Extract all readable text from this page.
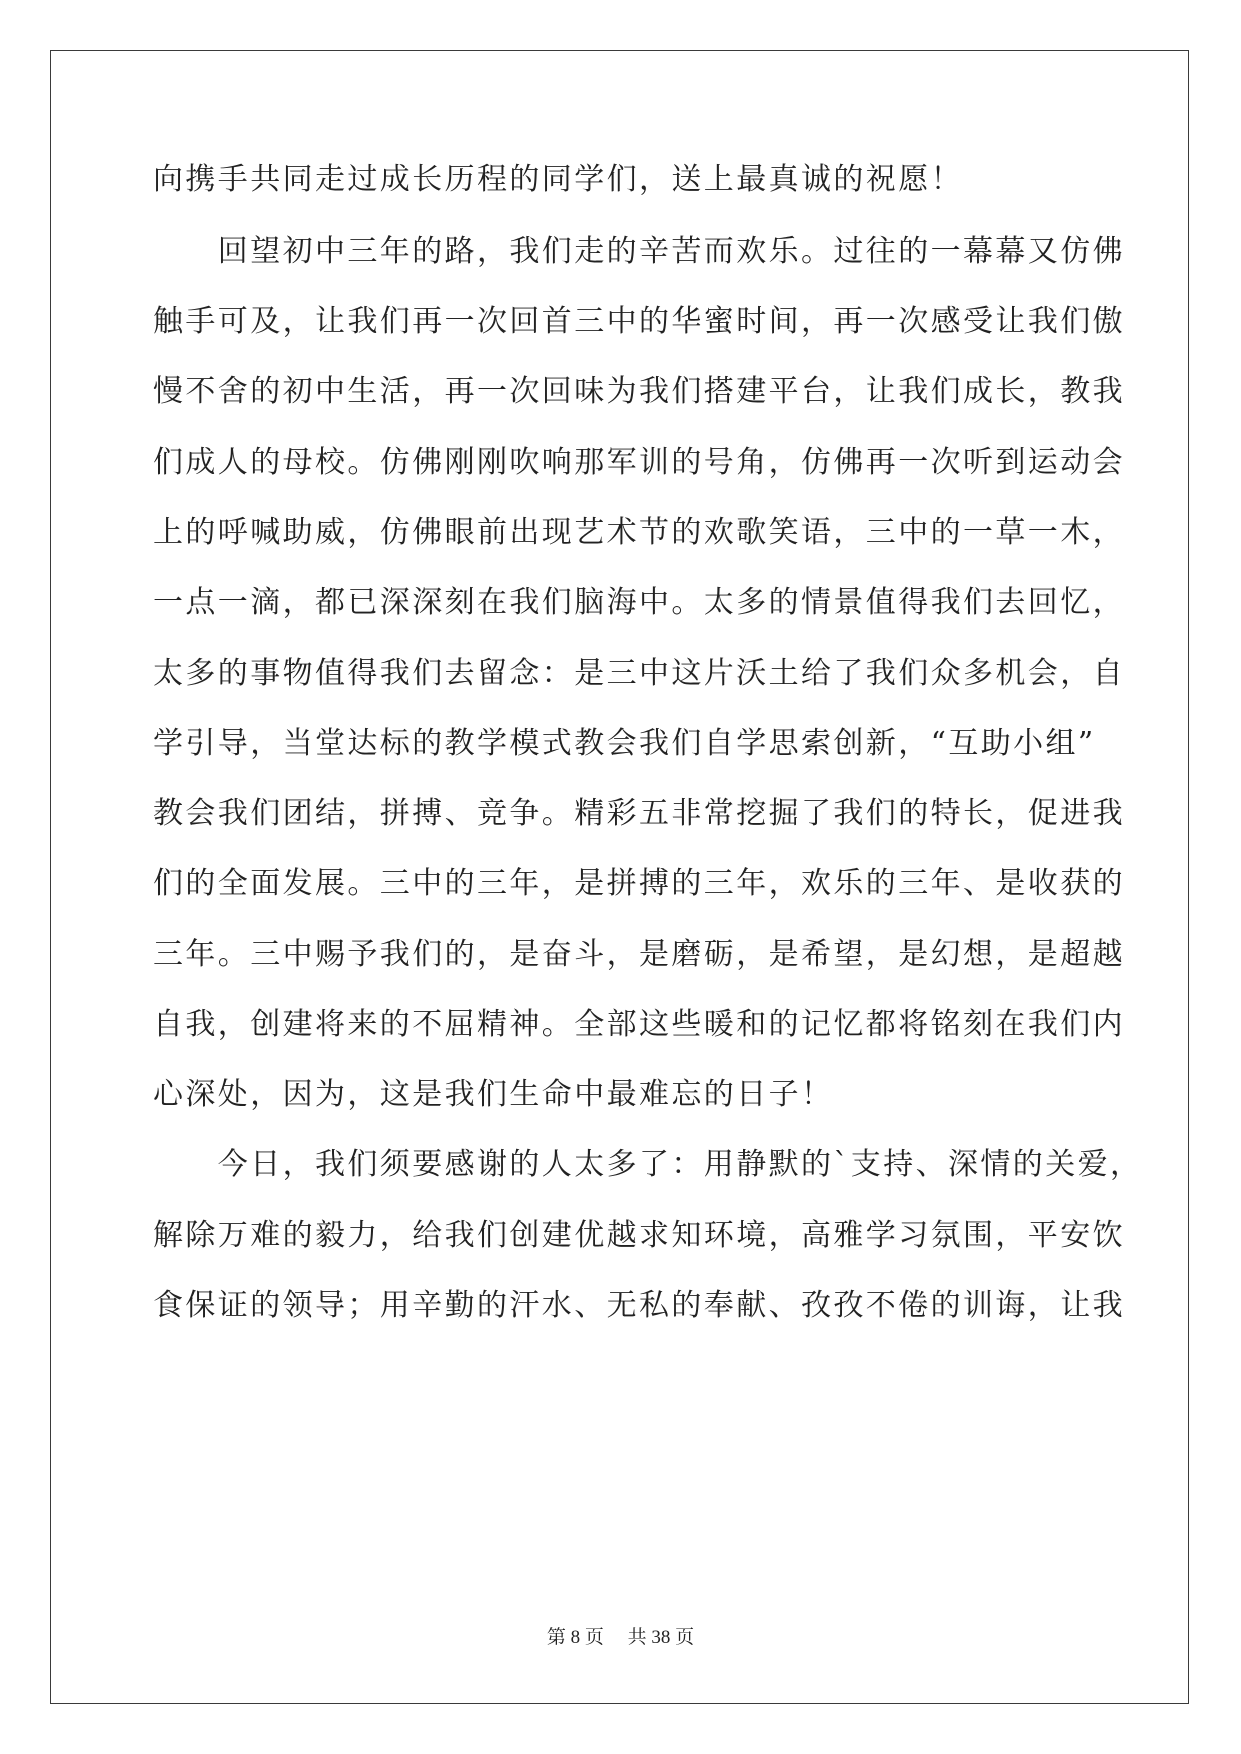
向携手共同走过成长历程的同学们，送上最真诚的祝愿！
　　回望初中三年的路，我们走的辛苦而欢乐。过往的一幕幕又仿佛
触手可及，让我们再一次回首三中的华蜜时间，再一次感受让我们傲
慢不舍的初中生活，再一次回味为我们搭建平台，让我们成长，教我
们成人的母校。仿佛刚刚吹响那军训的号角，仿佛再一次听到运动会
上的呼喊助威，仿佛眼前出现艺术节的欢歌笑语，三中的一草一木，
一点一滴，都已深深刻在我们脑海中。太多的情景值得我们去回忆，
太多的事物值得我们去留念：是三中这片沃土给了我们众多机会，自
学引导，当堂达标的教学模式教会我们自学思索创新，“互助小组”
教会我们团结，拼搏、竞争。精彩五非常挖掘了我们的特长，促进我
们的全面发展。三中的三年，是拼搏的三年，欢乐的三年、是收获的
三年。三中赐予我们的，是奋斗，是磨砺，是希望，是幻想，是超越
自我，创建将来的不屈精神。全部这些暖和的记忆都将铭刻在我们内
心深处，因为，这是我们生命中最难忘的日子！
　　今日，我们须要感谢的人太多了：用静默的`支持、深情的关爱，
解除万难的毅力，给我们创建优越求知环境，高雅学习氛围，平安饮
食保证的领导；用辛勤的汗水、无私的奉献、孜孜不倦的训诲，让我
第 8 页　 共 38 页
